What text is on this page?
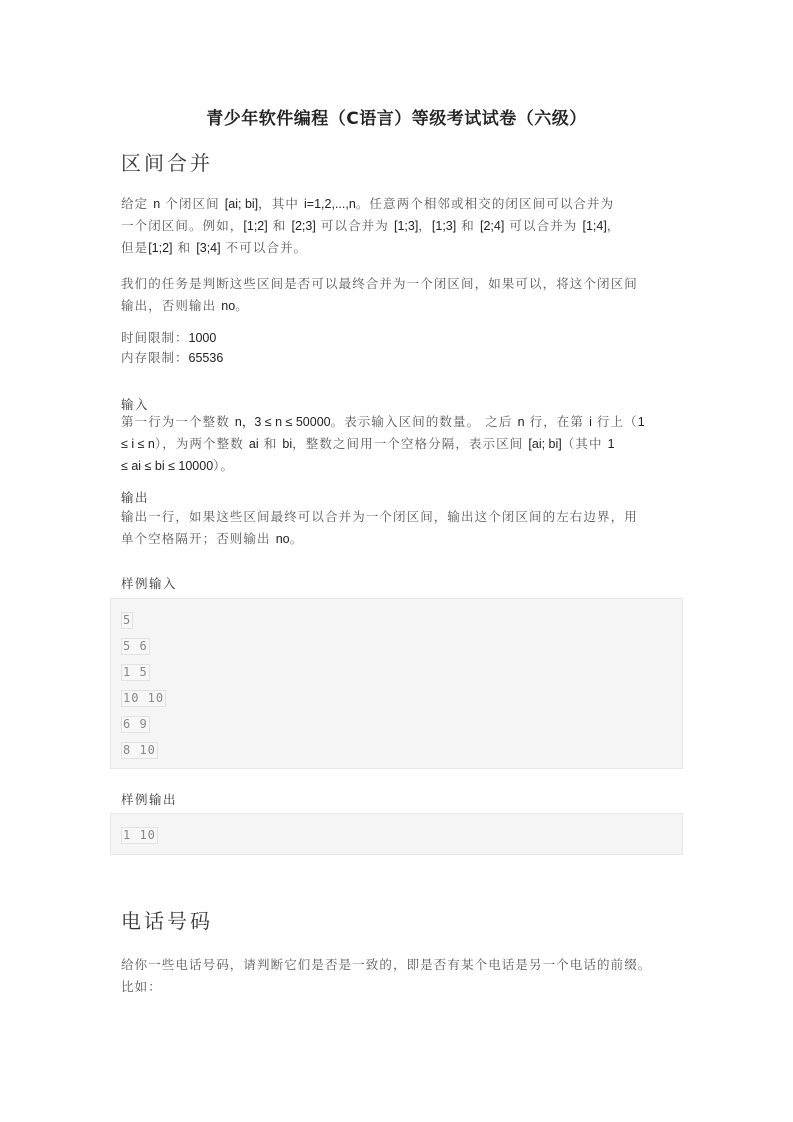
青少年软件编程（C语言）等级考试试卷（六级）
区间合并
给定 n 个闭区间 [ai; bi]，其中 i=1,2,...,n。任意两个相邻或相交的闭区间可以合并为
一个闭区间。例如，[1;2] 和 [2;3] 可以合并为 [1;3]，[1;3] 和 [2;4] 可以合并为 [1;4]，
但是[1;2] 和 [3;4] 不可以合并。
我们的任务是判断这些区间是否可以最终合并为一个闭区间，如果可以，将这个闭区间
输出，否则输出 no。
时间限制：1000
内存限制：65536
输入
第一行为一个整数 n，3 ≤ n ≤ 50000。表示输入区间的数量。 之后 n 行，在第 i 行上（1
≤ i ≤ n），为两个整数 ai 和 bi，整数之间用一个空格分隔，表示区间 [ai; bi]（其中 1
≤ ai ≤ bi ≤ 10000）。
输出
输出一行，如果这些区间最终可以合并为一个闭区间，输出这个闭区间的左右边界，用
单个空格隔开；否则输出 no。
样例输入
5
5 6
1 5
10 10
6 9
8 10
样例输出
1 10
电话号码
给你一些电话号码，请判断它们是否是一致的，即是否有某个电话是另一个电话的前缀。
比如：
